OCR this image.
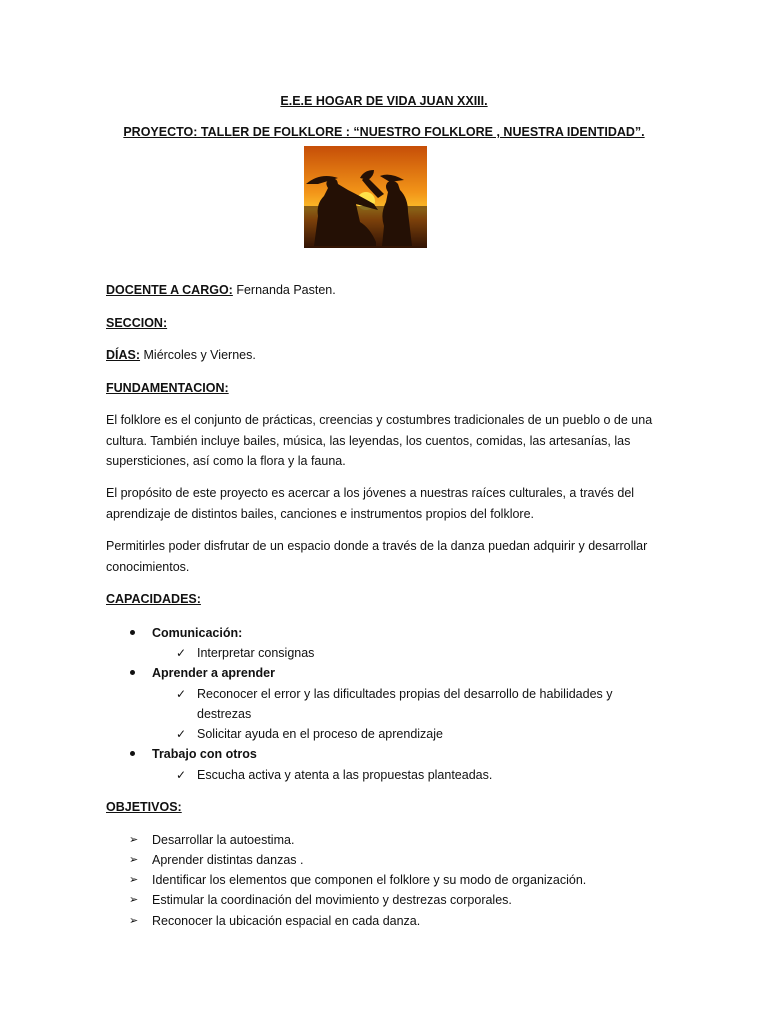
E.E.E HOGAR DE VIDA JUAN XXIII.
PROYECTO: TALLER DE FOLKLORE : “NUESTRO FOLKLORE , NUESTRA IDENTIDAD”.
DOCENTE A CARGO: Fernanda Pasten.
SECCION:
DÍAS: Miércoles y Viernes.
FUNDAMENTACION:
El folklore es el conjunto de prácticas, creencias y costumbres tradicionales de un pueblo o de una cultura. También incluye bailes, música, las leyendas, los cuentos, comidas, las artesanías, las supersticiones, así como la flora y la fauna.
El propósito de este proyecto es acercar a los jóvenes a nuestras raíces culturales, a través del aprendizaje de distintos bailes, canciones e instrumentos propios del folklore.
Permitirles poder disfrutar de un espacio donde a través de la danza puedan adquirir y desarrollar conocimientos.
CAPACIDADES:
Comunicación:
✓ Interpretar consignas
Aprender a aprender
✓ Reconocer el error y las dificultades propias del desarrollo de habilidades y destrezas
✓ Solicitar ayuda en el proceso de aprendizaje
Trabajo con otros
✓ Escucha activa y atenta a las propuestas planteadas.
OBJETIVOS:
➢ Desarrollar la autoestima.
➢ Aprender distintas danzas .
➢ Identificar los elementos que componen el folklore y su modo de organización.
➢ Estimular la coordinación del movimiento y destrezas corporales.
➢ Reconocer la ubicación espacial en cada danza.
